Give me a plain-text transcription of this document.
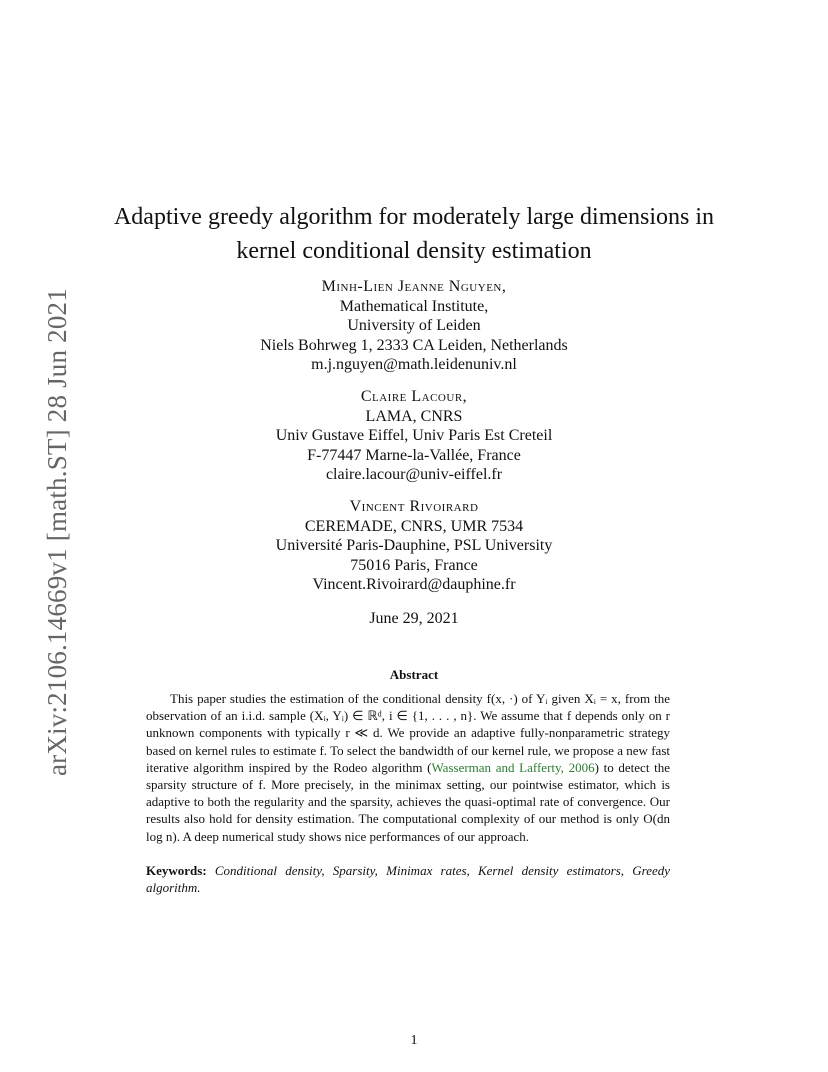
arXiv:2106.14669v1 [math.ST] 28 Jun 2021
Adaptive greedy algorithm for moderately large dimensions in
kernel conditional density estimation
Minh-Lien Jeanne Nguyen,
Mathematical Institute,
University of Leiden
Niels Bohrweg 1, 2333 CA Leiden, Netherlands
m.j.nguyen@math.leidenuniv.nl
Claire Lacour,
LAMA, CNRS
Univ Gustave Eiffel, Univ Paris Est Creteil
F-77447 Marne-la-Vallée, France
claire.lacour@univ-eiffel.fr
Vincent Rivoirard
CEREMADE, CNRS, UMR 7534
Université Paris-Dauphine, PSL University
75016 Paris, France
Vincent.Rivoirard@dauphine.fr
June 29, 2021
Abstract
This paper studies the estimation of the conditional density f(x, ·) of Yᵢ given Xᵢ = x, from the observation of an i.i.d. sample (Xᵢ, Yᵢ) ∈ ℝᵈ, i ∈ {1, . . . , n}. We assume that f depends only on r unknown components with typically r ≪ d. We provide an adaptive fully-nonparametric strategy based on kernel rules to estimate f. To select the bandwidth of our kernel rule, we propose a new fast iterative algorithm inspired by the Rodeo algorithm (Wasserman and Lafferty, 2006) to detect the sparsity structure of f. More precisely, in the minimax setting, our pointwise estimator, which is adaptive to both the regularity and the sparsity, achieves the quasi-optimal rate of convergence. Our results also hold for density estimation. The computational complexity of our method is only O(dn log n). A deep numerical study shows nice performances of our approach.
Keywords: Conditional density, Sparsity, Minimax rates, Kernel density estimators, Greedy algorithm.
1
